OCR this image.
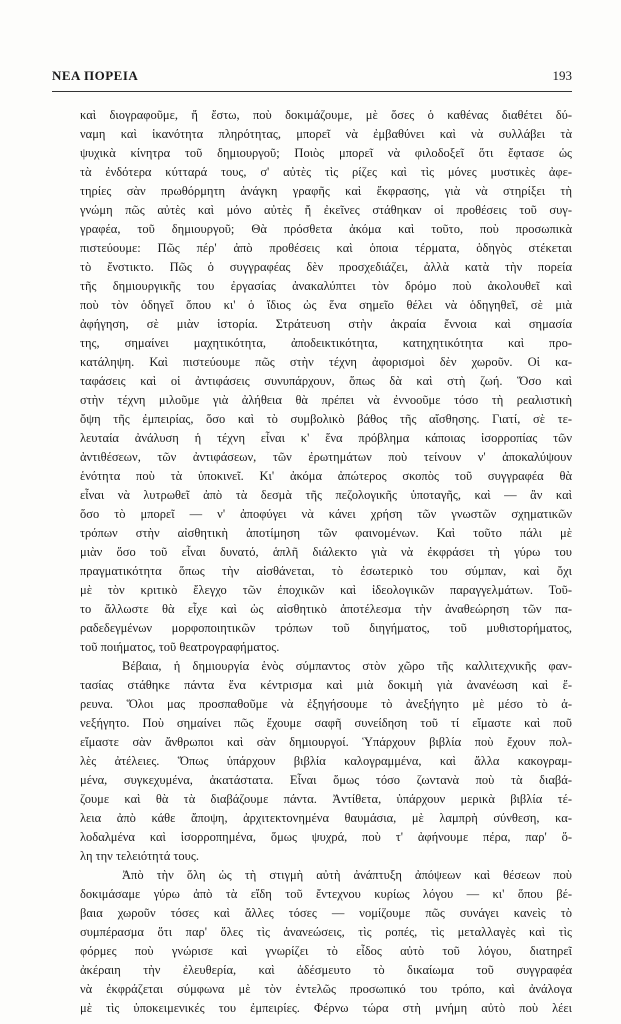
ΝΕΑ ΠΟΡΕΙΑ	193
καὶ διογραφοῦμε, ἤ ἔστω, ποὺ δοκιμάζουμε, μὲ ὅσες ὁ καθένας διαθέτει δύ-
ναμη καὶ ἱκανότητα πληρότητας, μπορεῖ νὰ ἐμβαθύνει καὶ νὰ συλλάβει τὰ
ψυχικὰ κίνητρα τοῦ δημιουργοῦ; Ποιὸς μπορεῖ νὰ φιλοδοξεῖ ὅτι ἔφτασε ὡς
τὰ ἐνδότερα κύτταρά τους, σ' αὐτὲς τὶς ρίζες καὶ τὶς μόνες μυστικὲς ἀφε-
τηρίες σὰν πρωθόρμητη ἀνάγκη γραφῆς καὶ ἔκφρασης, γιὰ νὰ στηρίξει τὴ
γνώμη πῶς αὐτὲς καὶ μόνο αὐτὲς ἤ ἐκεῖνες στάθηκαν οἱ προθέσεις τοῦ συγ-
γραφέα, τοῦ δημιουργοῦ; Θὰ πρόσθετα ἀκόμα καὶ τοῦτο, ποὺ προσωπικὰ
πιστεύουμε: Πῶς πέρ' ἀπὸ προθέσεις καὶ ὁποια τέρματα, ὁδηγὸς στέκεται
τὸ ἔνστικτο. Πῶς ὁ συγγραφέας δὲν προσχεδιάζει, ἀλλὰ κατὰ τὴν πορεία
τῆς δημιουργικῆς του ἐργασίας ἀνακαλύπτει τὸν δρόμο ποὺ ἀκολουθεῖ καὶ
ποὺ τὸν ὁδηγεῖ ὅπου κι' ὁ ἴδιος ὡς ἕνα σημεῖο θέλει νὰ ὁδηγηθεῖ, σὲ μιὰ
ἀφήγηση, σὲ μιὰν ἱστορία. Στράτευση στὴν ἀκραία ἔννοια καὶ σημασία
της, σημαίνει μαχητικότητα, ἀποδεικτικότητα, κατηχητικότητα καὶ προ-
κατάληψη. Καὶ πιστεύουμε πῶς στὴν τέχνη ἀφορισμοὶ δὲν χωροῦν. Οἱ κα-
ταφάσεις καὶ οἱ ἀντιφάσεις συνυπάρχουν, ὅπως δὰ καὶ στὴ ζωή. Ὅσο καὶ
στὴν τέχνη μιλοῦμε γιὰ ἀλήθεια θὰ πρέπει νὰ ἐννοοῦμε τόσο τὴ ρεαλιστικὴ
ὄψη τῆς ἐμπειρίας, ὅσο καὶ τὸ συμβολικὸ βάθος τῆς αἴσθησης. Γιατί, σὲ τε-
λευταία ἀνάλυση ἡ τέχνη εἶναι κ' ἕνα πρόβλημα κάποιας ἰσορροπίας τῶν
ἀντιθέσεων, τῶν ἀντιφάσεων, τῶν ἐρωτημάτων ποὺ τείνουν ν' ἀποκαλύψουν
ἑνότητα ποὺ τὰ ὑποκινεῖ. Κι' ἀκόμα ἀπώτερος σκοπὸς τοῦ συγγραφέα θὰ
εἶναι νὰ λυτρωθεῖ ἀπὸ τὰ δεσμὰ τῆς πεζολογικῆς ὑποταγῆς, καὶ — ἂν καὶ
ὅσο τὸ μπορεῖ — ν' ἀποφύγει νὰ κάνει χρήση τῶν γνωστῶν σχηματικῶν
τρόπων στὴν αἰσθητικὴ ἀποτίμηση τῶν φαινομένων. Καὶ τοῦτο πάλι μὲ
μιὰν ὅσο τοῦ εἶναι δυνατό, ἁπλῆ διάλεκτο γιὰ νὰ ἐκφράσει τὴ γύρω του
πραγματικότητα ὅπως τὴν αἰσθάνεται, τὸ ἐσωτερικὸ του σύμπαν, καὶ ὄχι
μὲ τὸν κριτικὸ ἔλεγχο τῶν ἐποχικῶν καὶ ἰδεολογικῶν παραγγελμάτων. Τοῦ-
το ἄλλωστε θὰ εἶχε καὶ ὡς αἰσθητικὸ ἀποτέλεσμα τὴν ἀναθεώρηση τῶν πα-
ραδεδεγμένων μορφοποιητικῶν τρόπων τοῦ διηγήματος, τοῦ μυθιστορήματος,
τοῦ ποιήματος, τοῦ θεατρογραφήματος.
Βέβαια, ἡ δημιουργία ἑνὸς σύμπαντος στὸν χῶρο τῆς καλλιτεχνικῆς φαν-
τασίας στάθηκε πάντα ἕνα κέντρισμα καὶ μιὰ δοκιμὴ γιὰ ἀνανέωση καὶ ἔ-
ρευνα. Ὅλοι μας προσπαθοῦμε νὰ ἐξηγήσουμε τὸ ἀνεξήγητο μὲ μέσο τὸ ἀ-
νεξήγητο. Ποὺ σημαίνει πῶς ἔχουμε σαφῆ συνείδηση τοῦ τί εἴμαστε καὶ ποῦ
εἴμαστε σὰν ἄνθρωποι καὶ σὰν δημιουργοί. Ὑπάρχουν βιβλία ποὺ ἔχουν πολ-
λὲς ἀτέλειες. Ὅπως ὑπάρχουν βιβλία καλογραμμένα, καὶ ἄλλα κακογραμ-
μένα, συγκεχυμένα, ἀκατάστατα. Εἶναι ὅμως τόσο ζωντανὰ ποὺ τὰ διαβά-
ζουμε καὶ θὰ τὰ διαβάζουμε πάντα. Ἀντίθετα, ὑπάρχουν μερικὰ βιβλία τέ-
λεια ἀπὸ κάθε ἄποψη, ἀρχιτεκτονημένα θαυμάσια, μὲ λαμπρὴ σύνθεση, κα-
λοδαλμένα καὶ ἰσορροπημένα, ὅμως ψυχρά, ποὺ τ' ἀφήνουμε πέρα, παρ' ὅ-
λη την τελειότητά τους.
Ἀπὸ τὴν ὅλη ὡς τὴ στιγμὴ αὐτὴ ἀνάπτυξη ἀπόψεων καὶ θέσεων ποὺ
δοκιμάσαμε γύρω ἀπὸ τὰ εἴδη τοῦ ἔντεχνου κυρίως λόγου — κι' ὅπου βέ-
βαια χωροῦν τόσες καὶ ἄλλες τόσες — νομίζουμε πῶς συνάγει κανεὶς τὸ
συμπέρασμα ὅτι παρ' ὅλες τὶς ἀνανεώσεις, τὶς ροπές, τὶς μεταλλαγὲς καὶ τὶς
φόρμες ποὺ γνώρισε καὶ γνωρίζει τὸ εἶδος αὐτὸ τοῦ λόγου, διατηρεῖ
ἀκέραιη τὴν ἐλευθερία, καὶ ἀδέσμευτο τὸ δικαίωμα τοῦ συγγραφέα
νὰ ἐκφράζεται σύμφωνα μὲ τὸν ἐντελῶς προσωπικό του τρόπο, καὶ ἀνάλογα
μὲ τὶς ὑποκειμενικές του ἐμπειρίες. Φέρνω τώρα στὴ μνήμη αὐτὸ ποὺ λέει
